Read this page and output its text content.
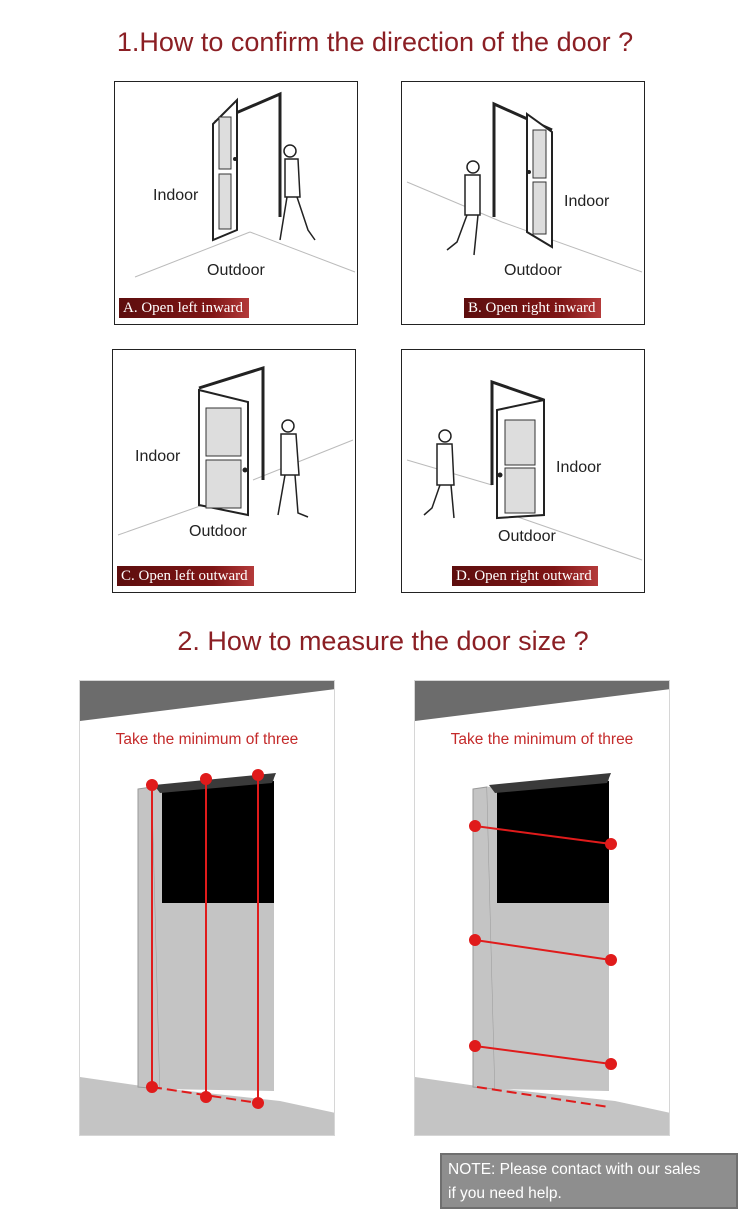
1.How to confirm the direction of the door ?
Indoor
Outdoor
A. Open left inward
Indoor
Outdoor
B. Open right inward
Indoor
Outdoor
C. Open left outward
Indoor
Outdoor
D. Open right outward
2. How to measure the door size ?
Take the minimum of three	Take the minimum of three
NOTE: Please contact with our sales
if you need help.
